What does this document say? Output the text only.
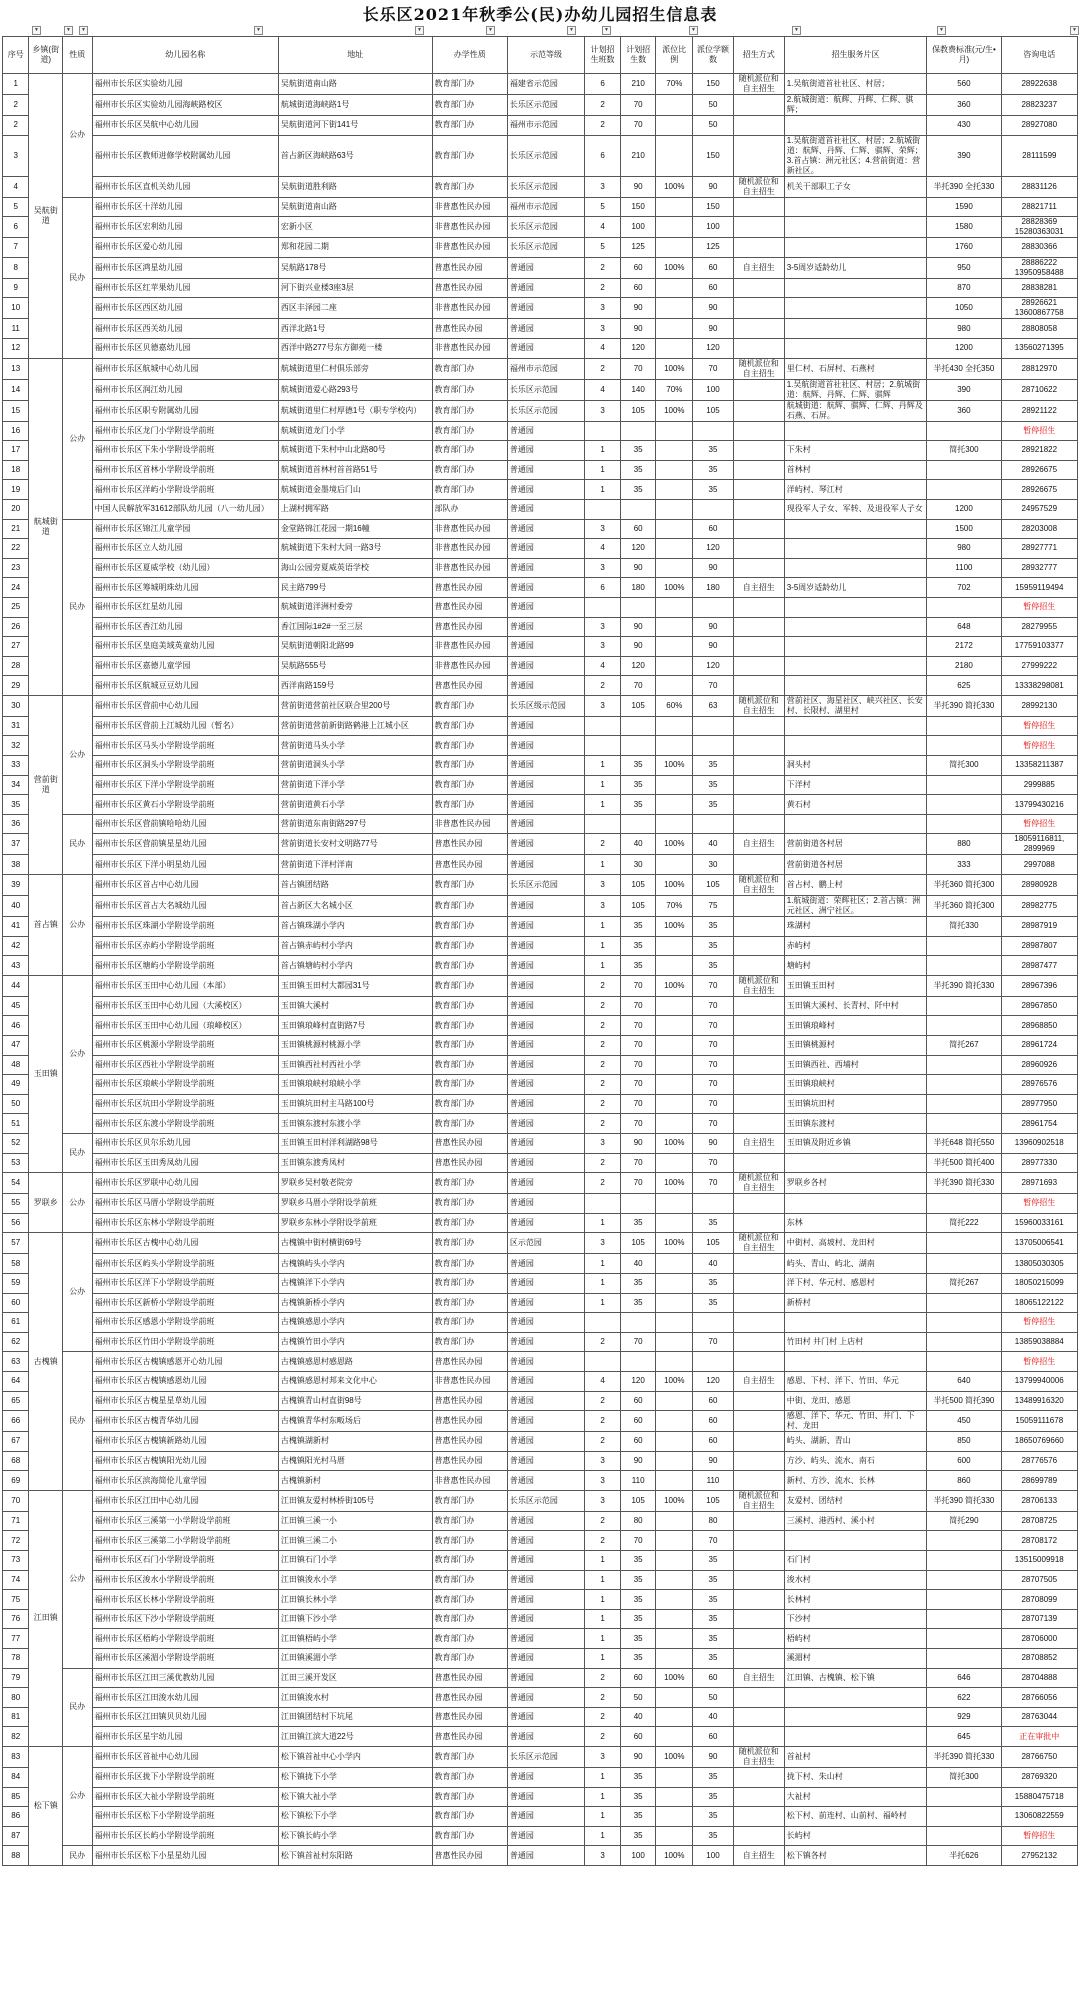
长乐区2021年秋季公(民)办幼儿园招生信息表
▼	▼	▼	▼	▼	▼	▼	▼	▼	▼	▼	▼
序号	乡镇(街道)	性质	幼儿园名称	地址	办学性质	示范等级	计划招生班数	计划招生数	派位比例	派位学额数	招生方式	招生服务片区	保教费标准(元/生•月)	咨询电话
1	吴航街道	公办	福州市长乐区实验幼儿园	吴航街道南山路	教育部门办	福建省示范园	6	210	70%	150	随机派位和自主招生	1.吴航街道首社社区、村居；	560	28922638
2			福州市长乐区实验幼儿园海峡路校区	航城街道海峡路1号	教育部门办	长乐区示范园	2	70		50		2.航城街道：航辉、丹辉、仁辉、骐辉；	360	28823237
2			福州市长乐区吴航中心幼儿园	吴航街道河下街141号	教育部门办	福州市示范园	2	70		50			430	28927080
3			福州市长乐区教师进修学校附属幼儿园	首占新区海峡路63号	教育部门办	长乐区示范园	6	210		150		1.吴航街道首社社区、村居；2.航城街道：航辉、丹辉、仁辉、骐辉、荣辉；3.首占镇：洲元社区；4.营前街道：营新社区。	390	28111599
4			福州市长乐区直机关幼儿园	吴航街道胜利路	教育部门办	长乐区示范园	3	90	100%	90	随机派位和自主招生	机关干部职工子女	半托390 全托330	28831126
5		民办	福州市长乐区十洋幼儿园	吴航街道南山路	非普惠性民办园	福州市示范园	5	150		150			1590	28821711
6			福州市长乐区宏利幼儿园	宏新小区	非普惠性民办园	长乐区示范园	4	100		100			1580	28828369 15280363031
7			福州市长乐区爱心幼儿园	郑和花园二期	非普惠性民办园	长乐区示范园	5	125		125			1760	28830366
8			福州市长乐区鸿星幼儿园	吴航路178号	普惠性民办园	普通园	2	60	100%	60	自主招生	3-5周岁适龄幼儿	950	28886222 13950958488
9			福州市长乐区红苹果幼儿园	河下街兴业楼3座3层	普惠性民办园	普通园	2	60		60			870	28838281
10			福州市长乐区西区幼儿园	西区丰泽园二座	非普惠性民办园	普通园	3	90		90			1050	28926621 13600867758
11			福州市长乐区西关幼儿园	西洋北路1号	普惠性民办园	普通园	3	90		90			980	28808058
12			福州市长乐区贝德嘉幼儿园	西洋中路277号东方御苑一楼	非普惠性民办园	普通园	4	120		120			1200	13560271395
13	航城街道	公办	福州市长乐区航城中心幼儿园	航城街道里仁村俱乐部旁	教育部门办	福州市示范园	2	70	100%	70	随机派位和自主招生	里仁村、石屏村、石燕村	半托430 全托350	28812970
14			福州市长乐区润江幼儿园	航城街道爱心路293号	教育部门办	长乐区示范园	4	140	70%	100		1.吴航街道首社社区、村居；2.航城街道：航辉、丹辉、仁辉、骐辉	390	28710622
15			福州市长乐区职专附属幼儿园	航城街道里仁村厚德1号（职专学校内）	教育部门办	长乐区示范园	3	105	100%	105		航城街道：航辉、骐辉、仁辉、丹辉及石燕、石屏。	360	28921122
16			福州市长乐区龙门小学附设学前班	航城街道龙门小学	教育部门办	普通园								暂停招生
17			福州市长乐区下朱小学附设学前班	航城街道下朱村中山北路80号	教育部门办	普通园	1	35		35		下朱村	简托300	28921822
18			福州市长乐区首林小学附设学前班	航城街道首林村首首路51号	教育部门办	普通园	1	35		35		首林村		28926675
19			福州市长乐区洋屿小学附设学前班	航城街道金墨境后门山	教育部门办	普通园	1	35		35		洋屿村、琴江村		28926675
20			中国人民解放军31612部队幼儿园（八一幼儿园）	上湖村拥军路	部队办	普通园						现役军人子女、军转、及退役军人子女	1200	24957529
21		民办	福州市长乐区锦江儿童学园	金堂路锦江花园一期16幢	非普惠性民办园	普通园	3	60		60			1500	28203008
22			福州市长乐区立人幼儿园	航城街道下朱村大同一路3号	非普惠性民办园	普通园	4	120		120			980	28927771
23			福州市长乐区夏威学校（幼儿园）	海山公园旁夏威英语学校	非普惠性民办园	普通园	3	90		90			1100	28932777
24			福州市长乐区筹城明珠幼儿园	民主路799号	普惠性民办园	普通园	6	180	100%	180	自主招生	3-5周岁适龄幼儿	702	15959119494
25			福州市长乐区红星幼儿园	航城街道洋洲村委旁	普惠性民办园	普通园								暂停招生
26			福州市长乐区香江幼儿园	香江国际1#2#一至三层	普惠性民办园	普通园	3	90		90			648	28279955
27			福州市长乐区皇庭美域英童幼儿园	吴航街道朝阳北路99	非普惠性民办园	普通园	3	90		90			2172	17759103377
28			福州市长乐区嘉德儿童学园	吴航路555号	非普惠性民办园	普通园	4	120		120			2180	27999222
29			福州市长乐区航城豆豆幼儿园	西洋南路159号	普惠性民办园	普通园	2	70		70			625	13338298081
30	营前街道	公办	福州市长乐区营前中心幼儿园	营前街道营前社区联合里200号	教育部门办	长乐区级示范园	3	105	60%	63	随机派位和自主招生	营前社区、海星社区、峡兴社区、长安村、长限村、湖里村	半托390 简托330	28992130
31			福州市长乐区营前上江城幼儿园（暂名）	营前街道营前新街路鹤港上江城小区	教育部门办	普通园								暂停招生
32			福州市长乐区马头小学附设学前班	营前街道马头小学	教育部门办	普通园								暂停招生
33			福州市长乐区洞头小学附设学前班	营前街道洞头小学	教育部门办	普通园	1	35	100%	35		洞头村	简托300	13358211387
34			福州市长乐区下洋小学附设学前班	营前街道下洋小学	教育部门办	普通园	1	35		35		下洋村		2999885
35			福州市长乐区黄石小学附设学前班	营前街道黄石小学	教育部门办	普通园	1	35		35		黄石村		13799430216
36		民办	福州市长乐区营前镇哈哈幼儿园	营前街道东南街路297号	非普惠性民办园	普通园								暂停招生
37			福州市长乐区营前镇星星幼儿园	营前街道长安村文明路77号	普惠性民办园	普通园	2	40	100%	40	自主招生	营前街道各村居	880	18059116811, 2899969
38			福州市长乐区下洋小明星幼儿园	营前街道下洋村洋南	普惠性民办园	普通园	1	30		30		营前街道各村居	333	2997088
39	首占镇	公办	福州市长乐区首占中心幼儿园	首占镇团结路	教育部门办	长乐区示范园	3	105	100%	105	随机派位和自主招生	首占村、鹏上村	半托360 简托300	28980928
40			福州市长乐区首占大名城幼儿园	首占新区大名城小区	教育部门办	普通园	3	105	70%	75		1.航城街道：荣辉社区；2.首占镇：洲元社区、洲宁社区。	半托360 简托300	28982775
41			福州市长乐区珠湖小学附设学前班	首占镇珠湖小学内	教育部门办	普通园	1	35	100%	35		珠湖村	简托330	28987919
42			福州市长乐区赤屿小学附设学前班	首占镇赤屿村小学内	教育部门办	普通园	1	35		35		赤屿村		28987807
43			福州市长乐区塘屿小学附设学前班	首占镇塘屿村小学内	教育部门办	普通园	1	35		35		塘屿村		28987477
44	玉田镇	公办	福州市长乐区玉田中心幼儿园（本部）	玉田镇玉田村大都园31号	教育部门办	普通园	2	70	100%	70	随机派位和自主招生	玉田镇玉田村	半托390 简托330	28967396
45			福州市长乐区玉田中心幼儿园（大溪校区）	玉田镇大溪村	教育部门办	普通园	2	70		70		玉田镇大溪村、长青村、阡中村		28967850
46			福州市长乐区玉田中心幼儿园（琅峰校区）	玉田镇琅峰村直街路7号	教育部门办	普通园	2	70		70		玉田镇琅峰村		28968850
47			福州市长乐区桃源小学附设学前班	玉田镇桃源村桃源小学	教育部门办	普通园	2	70		70		玉田镇桃源村	简托267	28961724
48			福州市长乐区西社小学附设学前班	玉田镇西社村西社小学	教育部门办	普通园	2	70		70		玉田镇西社、西埔村		28960926
49			福州市长乐区琅峡小学附设学前班	玉田镇琅峡村琅峡小学	教育部门办	普通园	2	70		70		玉田镇琅峡村		28976576
50			福州市长乐区坑田小学附设学前班	玉田镇坑田村主马路100号	教育部门办	普通园	2	70		70		玉田镇坑田村		28977950
51			福州市长乐区东渡小学附设学前班	玉田镇东渡村东渡小学	教育部门办	普通园	2	70		70		玉田镇东渡村		28961754
52		民办	福州市长乐区贝尔乐幼儿园	玉田镇玉田村洋利湖路98号	普惠性民办园	普通园	3	90	100%	90	自主招生	玉田镇及附近乡镇	半托648 简托550	13960902518
53			福州市长乐区玉田秀凤幼儿园	玉田镇东渡秀凤村	普惠性民办园	普通园	2	70		70			半托500 简托400	28977330
54	罗联乡	公办	福州市长乐区罗联中心幼儿园	罗联乡吴村敬老院旁	教育部门办	普通园	2	70	100%	70	随机派位和自主招生	罗联乡各村	半托390 简托330	28971693
55			福州市长乐区马厝小学附设学前班	罗联乡马厝小学附设学前班	教育部门办	普通园								暂停招生
56			福州市长乐区东林小学附设学前班	罗联乡东林小学附设学前班	教育部门办	普通园	1	35		35		东林	简托222	15960033161
57	古槐镇	公办	福州市长乐区古槐中心幼儿园	古槐镇中街村横街69号	教育部门办	区示范园	3	105	100%	105	随机派位和自主招生	中街村、高坡村、龙田村		13705006541
58			福州市长乐区屿头小学附设学前班	古槐镇屿头小学内	教育部门办	普通园	1	40		40		屿头、青山、屿北、湖南		13805030305
59			福州市长乐区洋下小学附设学前班	古槐镇洋下小学内	教育部门办	普通园	1	35		35		洋下村、华元村、感恩村	简托267	18050215099
60			福州市长乐区新桥小学附设学前班	古槐镇新桥小学内	教育部门办	普通园	1	35		35		新桥村		18065122122
61			福州市长乐区感恩小学附设学前班	古槐镇感恩小学内	教育部门办	普通园								暂停招生
62			福州市长乐区竹田小学附设学前班	古槐镇竹田小学内	教育部门办	普通园	2	70		70		竹田村 井门村 上店村		13859038884
63		民办	福州市长乐区古槐镇感恩开心幼儿园	古槐镇感恩村感恩路	普惠性民办园	普通园								暂停招生
64			福州市长乐区古槐镇感恩幼儿园	古槐镇感恩村邦来文化中心	非普惠性民办园	普通园	4	120	100%	120	自主招生	感恩、下村、洋下、竹田、华元	640	13799940006
65			福州市长乐区古槐星星草幼儿园	古槐镇青山村直街98号	普惠性民办园	普通园	2	60		60		中街、龙田、感恩	半托500 简托390	13489916320
66			福州市长乐区古槐青华幼儿园	古槐镇青华村东畈场后	普惠性民办园	普通园	2	60		60		感恩、洋下、华元、竹田、井门、下村、龙田	450	15059111678
67			福州市长乐区古槐镇新路幼儿园	古槐镇湖新村	普惠性民办园	普通园	2	60		60		屿头、湖新、青山	850	18650769660
68			福州市长乐区古槐镇阳光幼儿园	古槐镇阳光村马厝	普惠性民办园	普通园	3	90		90		方沙、屿头、流水、南石	600	28776576
69			福州市长乐区滨海简伦儿童学园	古槐镇新村	非普惠性民办园	普通园	3	110		110		新村、方沙、流水、长林	860	28699789
70	江田镇	公办	福州市长乐区江田中心幼儿园	江田镇友爱村林桥街105号	教育部门办	长乐区示范园	3	105	100%	105	随机派位和自主招生	友爱村、团结村	半托390 简托330	28706133
71			福州市长乐区三溪第一小学附设学前班	江田镇三溪一小	教育部门办	普通园	2	80		80		三溪村、港西村、溪小村	简托290	28708725
72			福州市长乐区三溪第二小学附设学前班	江田镇三溪二小	教育部门办	普通园	2	70		70				28708172
73			福州市长乐区石门小学附设学前班	江田镇石门小学	教育部门办	普通园	1	35		35		石门村		13515009918
74			福州市长乐区浚水小学附设学前班	江田镇浚水小学	教育部门办	普通园	1	35		35		浚水村		28707505
75			福州市长乐区长林小学附设学前班	江田镇长林小学	教育部门办	普通园	1	35		35		长林村		28708099
76			福州市长乐区下沙小学附设学前班	江田镇下沙小学	教育部门办	普通园	1	35		35		下沙村		28707139
77			福州市长乐区梧屿小学附设学前班	江田镇梧屿小学	教育部门办	普通园	1	35		35		梧屿村		28706000
78			福州市长乐区溪湄小学附设学前班	江田镇溪湄小学	教育部门办	普通园	1	35		35		溪湄村		28708852
79		民办	福州市长乐区江田三溪优教幼儿园	江田三溪开发区	普惠性民办园	普通园	2	60	100%	60	自主招生	江田镇、古槐镇、松下镇	646	28704888
80			福州市长乐区江田浚水幼儿园	江田镇浚水村	普惠性民办园	普通园	2	50		50			622	28766056
81			福州市长乐区江田镇贝贝幼儿园	江田镇团结村下坑尾	普惠性民办园	普通园	2	40		40			929	28763044
82			福州市长乐区星宇幼儿园	江田镇江滨大道22号	普惠性民办园	普通园	2	60		60			645	正在审批中
83	松下镇	公办	福州市长乐区首祉中心幼儿园	松下镇首祉中心小学内	教育部门办	长乐区示范园	3	90	100%	90	随机派位和自主招生	首祉村	半托390 简托330	28766750
84			福州市长乐区拢下小学附设学前班	松下镇拢下小学	教育部门办	普通园	1	35		35		拢下村、朱山村	简托300	28769320
85			福州市长乐区大祉小学附设学前班	松下镇大祉小学	教育部门办	普通园	1	35		35		大祉村		15880475718
86			福州市长乐区松下小学附设学前班	松下镇松下小学	教育部门办	普通园	1	35		35		松下村、前连村、山前村、福岭村		13060822559
87			福州市长乐区长屿小学附设学前班	松下镇长屿小学	教育部门办	普通园	1	35		35		长屿村		暂停招生
88		民办	福州市长乐区松下小星星幼儿园	松下镇首祉村东阳路	普惠性民办园	普通园	3	100	100%	100	自主招生	松下镇各村	半托626	27952132
